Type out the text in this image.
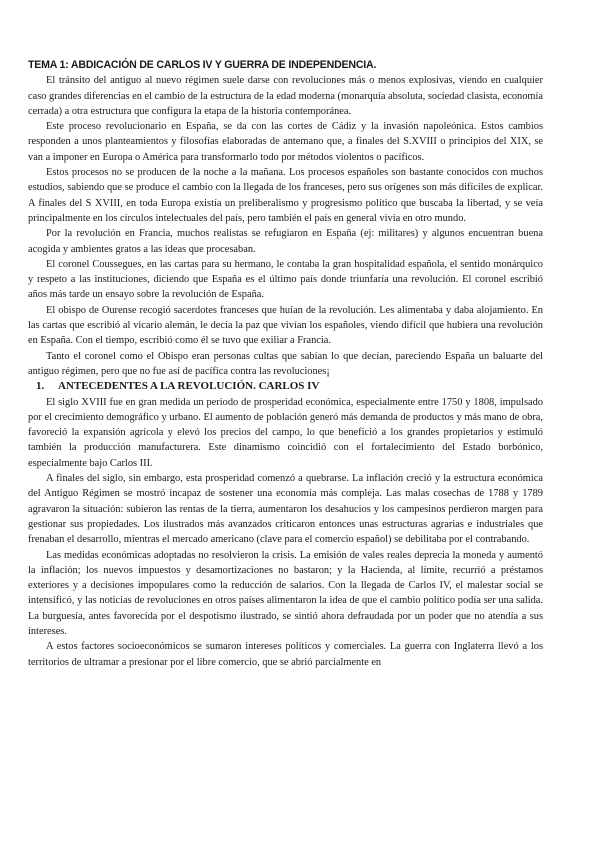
TEMA 1: ABDICACIÓN DE CARLOS IV Y GUERRA DE INDEPENDENCIA.

El tránsito del antiguo al nuevo régimen suele darse con revoluciones más o menos explosivas, viendo en cualquier caso grandes diferencias en el cambio de la estructura de la edad moderna (monarquía absoluta, sociedad clasista, economía cerrada) a otra estructura que configura la etapa de la historia contemporánea.

Este proceso revolucionario en España, se da con las cortes de Cádiz y la invasión napoleónica. Estos cambios responden a unos planteamientos y filosofías elaboradas de antemano que, a finales del S.XVIII o principios del XIX, se van a imponer en Europa o América para transformarlo todo por métodos violentos o pacíficos.

Estos procesos no se producen de la noche a la mañana. Los procesos españoles son bastante conocidos con muchos estudios, sabiendo que se produce el cambio con la llegada de los franceses, pero sus orígenes son más difíciles de explicar. A finales del S XVIII, en toda Europa existía un preliberalismo y progresismo político que buscaba la libertad, y se veía principalmente en los círculos intelectuales del país, pero también el país en general vivía en otro mundo.

Por la revolución en Francia, muchos realistas se refugiaron en España (ej: militares) y algunos encuentran buena acogida y ambientes gratos a las ideas que procesaban.

El coronel Coussegues, en las cartas para su hermano, le contaba la gran hospitalidad española, el sentido monárquico y respeto a las instituciones, diciendo que España es el último país donde triunfaría una revolución. El coronel escribió años más tarde un ensayo sobre la revolución de España.

El obispo de Ourense recogió sacerdotes franceses que huían de la revolución. Les alimentaba y daba alojamiento. En las cartas que escribió al vicario alemán, le decía la paz que vivían los españoles, viendo difícil que hubiera una revolución en España. Con el tiempo, escribió como él se tuvo que exiliar a Francia.

Tanto el coronel como el Obispo eran personas cultas que sabían lo que decían, pareciendo España un baluarte del antiguo régimen, pero que no fue así de pacífica contra las revoluciones¡

1. ANTECEDENTES A LA REVOLUCIÓN. CARLOS IV

El siglo XVIII fue en gran medida un periodo de prosperidad económica, especialmente entre 1750 y 1808, impulsado por el crecimiento demográfico y urbano. El aumento de población generó más demanda de productos y más mano de obra, favoreció la expansión agrícola y elevó los precios del campo, lo que benefició a los grandes propietarios y estimuló también la producción manufacturera. Este dinamismo coincidió con el fortalecimiento del Estado borbónico, especialmente bajo Carlos III.

A finales del siglo, sin embargo, esta prosperidad comenzó a quebrarse. La inflación creció y la estructura económica del Antiguo Régimen se mostró incapaz de sostener una economía más compleja. Las malas cosechas de 1788 y 1789 agravaron la situación: subieron las rentas de la tierra, aumentaron los desahucios y los campesinos perdieron margen para gestionar sus propiedades. Los ilustrados más avanzados criticaron entonces unas estructuras agrarias e industriales que frenaban el desarrollo, mientras el mercado americano (clave para el comercio español) se debilitaba por el contrabando.

Las medidas económicas adoptadas no resolvieron la crisis. La emisión de vales reales deprecia la moneda y aumentó la inflación; los nuevos impuestos y desamortizaciones no bastaron; y la Hacienda, al límite, recurrió a préstamos exteriores y a decisiones impopulares como la reducción de salarios. Con la llegada de Carlos IV, el malestar social se intensificó, y las noticias de revoluciones en otros países alimentaron la idea de que el cambio político podía ser una salida. La burguesía, antes favorecida por el despotismo ilustrado, se sintió ahora defraudada por un poder que no atendía a sus intereses.

A estos factores socioeconómicos se sumaron intereses políticos y comerciales. La guerra con Inglaterra llevó a los territorios de ultramar a presionar por el libre comercio, que se abrió parcialmente en
